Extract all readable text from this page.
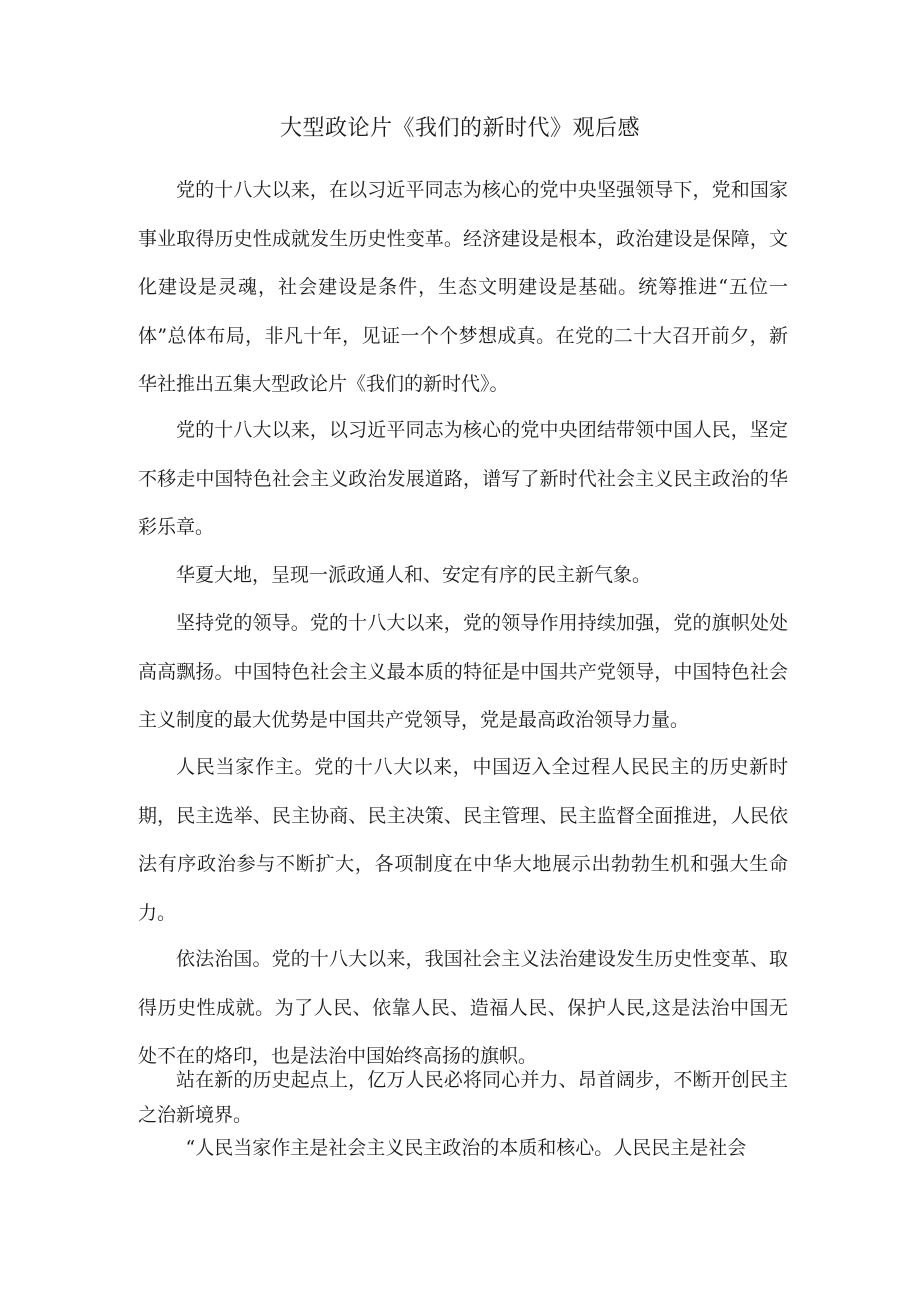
大型政论片《我们的新时代》观后感

党的十八大以来，在以习近平同志为核心的党中央坚强领导下，党和国家事业取得历史性成就发生历史性变革。经济建设是根本，政治建设是保障，文化建设是灵魂，社会建设是条件，生态文明建设是基础。统筹推进“五位一体”总体布局，非凡十年，见证一个个梦想成真。在党的二十大召开前夕，新华社推出五集大型政论片《我们的新时代》。

党的十八大以来，以习近平同志为核心的党中央团结带领中国人民，坚定不移走中国特色社会主义政治发展道路，谱写了新时代社会主义民主政治的华彩乐章。

华夏大地，呈现一派政通人和、安定有序的民主新气象。

坚持党的领导。党的十八大以来，党的领导作用持续加强，党的旗帜处处高高飘扬。中国特色社会主义最本质的特征是中国共产党领导，中国特色社会主义制度的最大优势是中国共产党领导，党是最高政治领导力量。

人民当家作主。党的十八大以来，中国迈入全过程人民民主的历史新时期，民主选举、民主协商、民主决策、民主管理、民主监督全面推进，人民依法有序政治参与不断扩大，各项制度在中华大地展示出勃勃生机和强大生命力。

依法治国。党的十八大以来，我国社会主义法治建设发生历史性变革、取得历史性成就。为了人民、依靠人民、造福人民、保护人民,这是法治中国无处不在的烙印，也是法治中国始终高扬的旗帜。

站在新的历史起点上，亿万人民必将同心并力、昂首阔步，不断开创民主之治新境界。

“人民当家作主是社会主义民主政治的本质和核心。人民民主是社会
